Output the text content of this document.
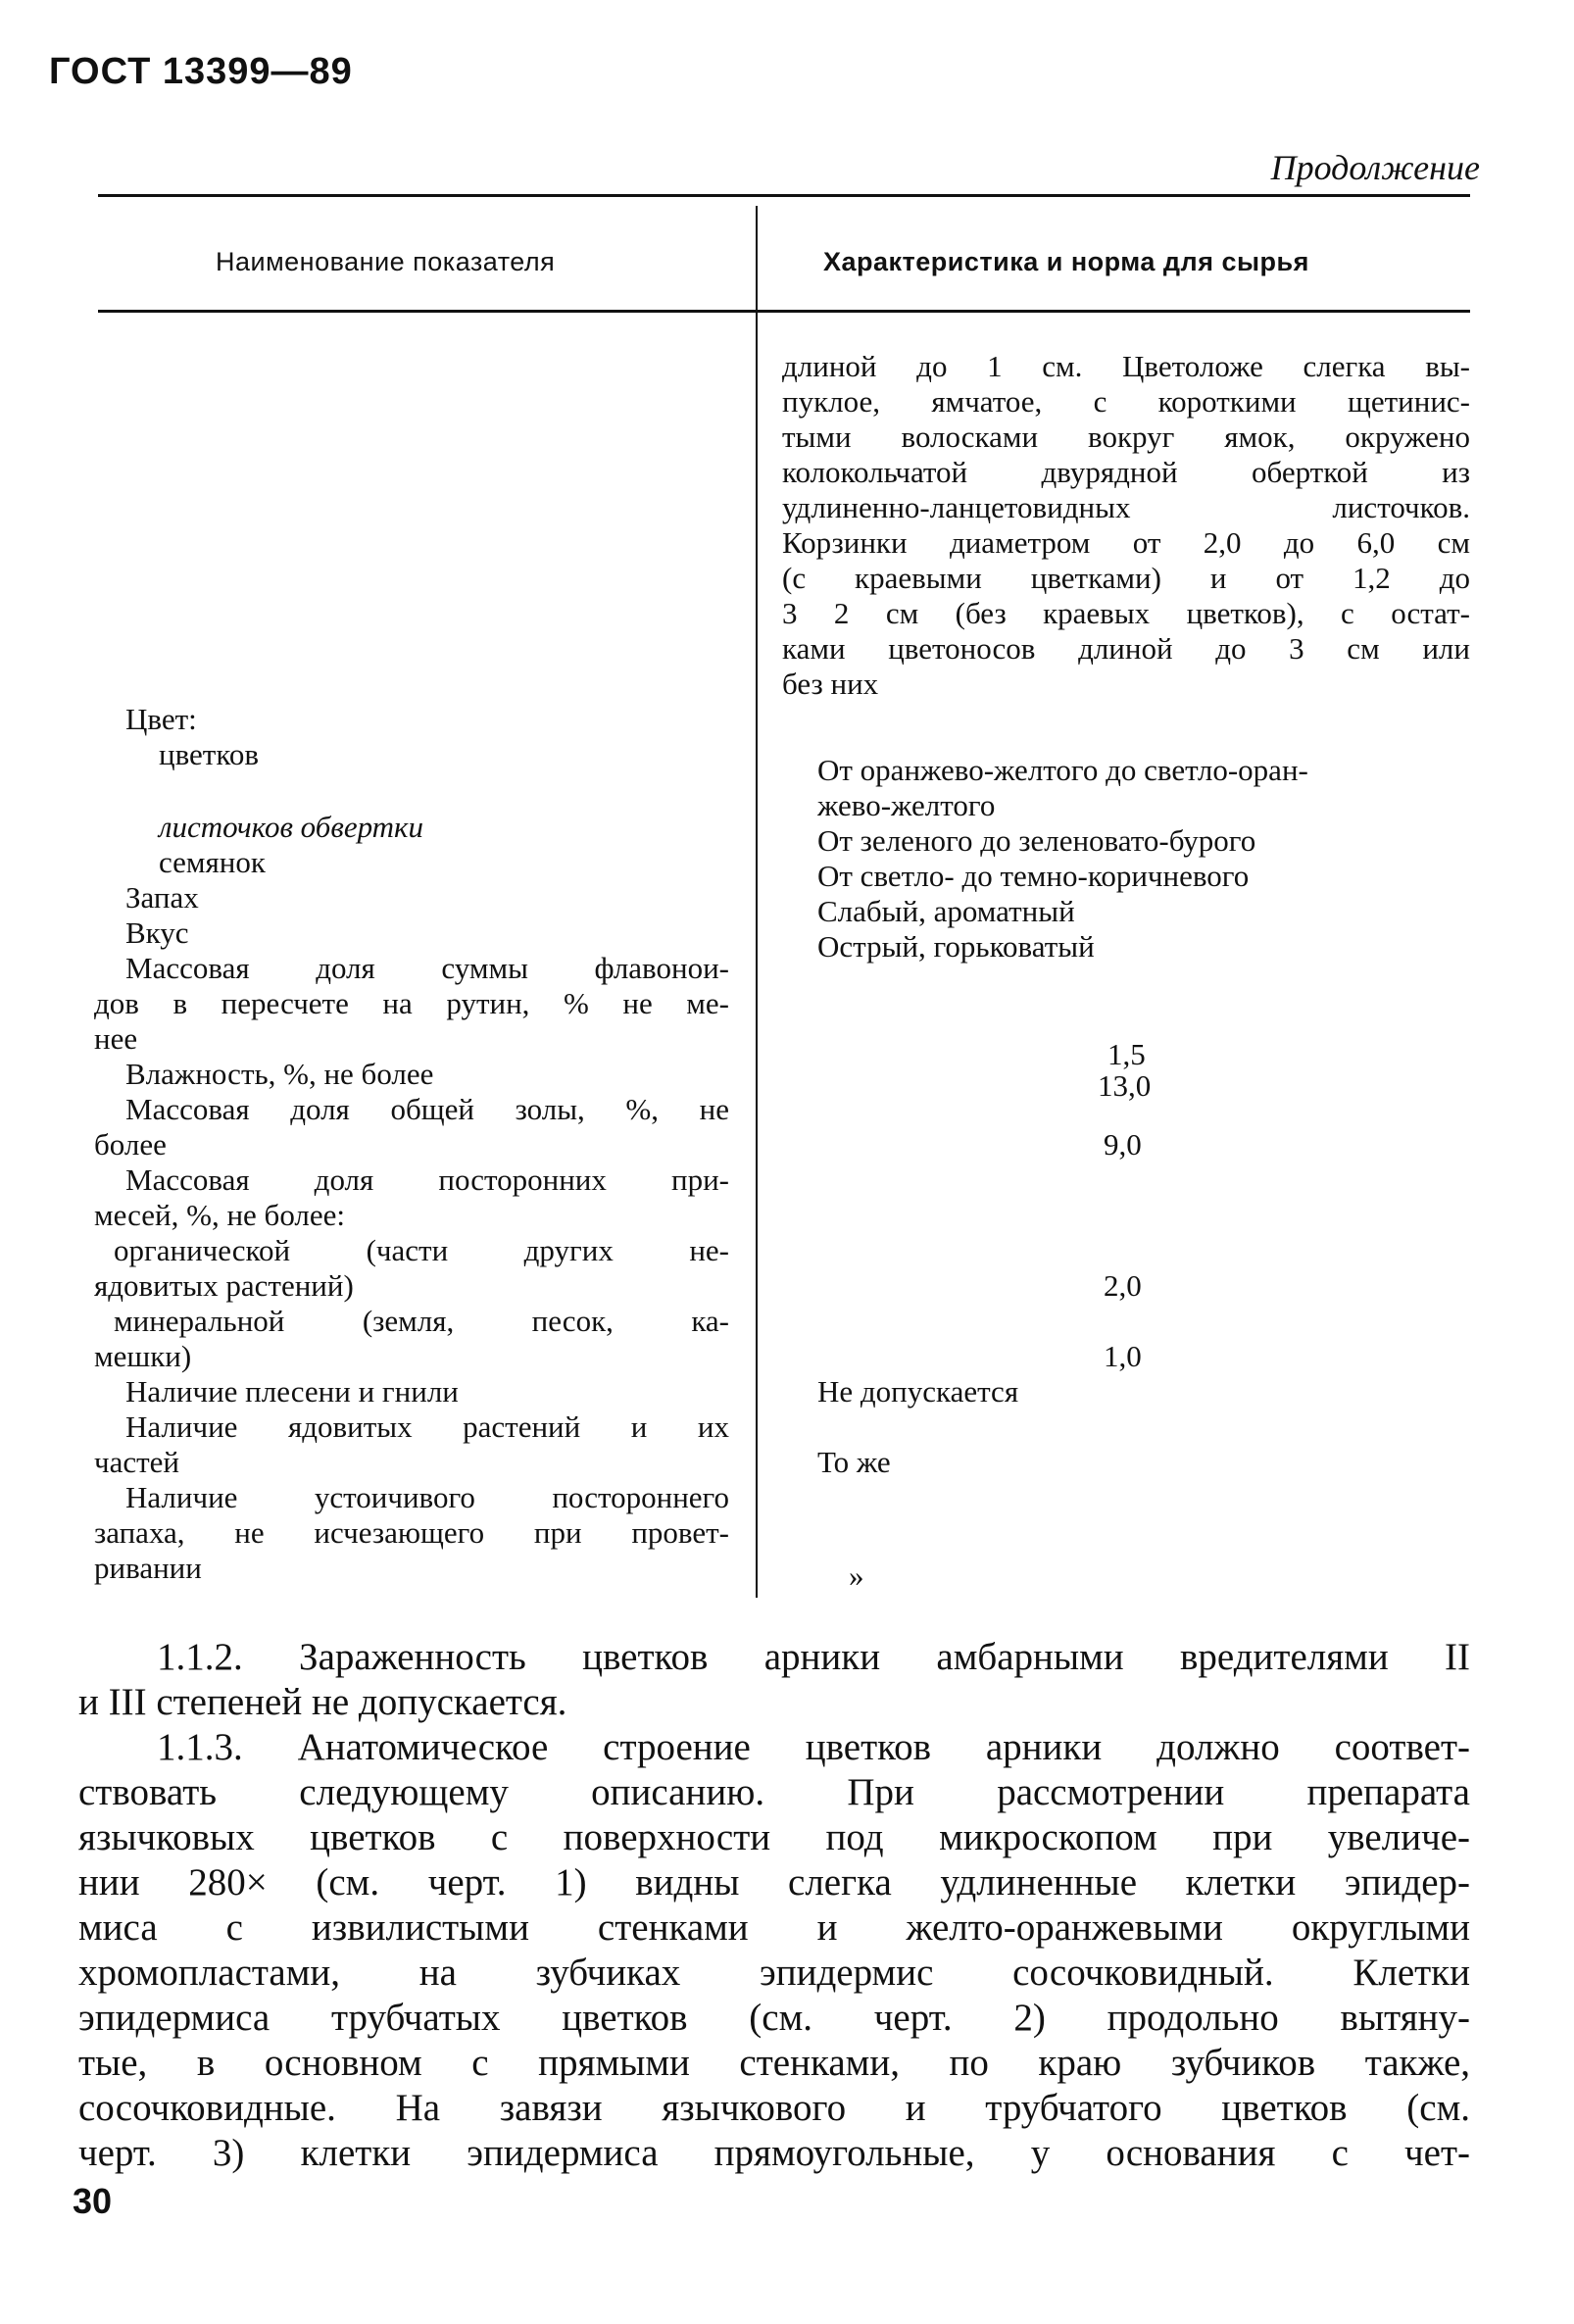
ГОСТ 13399—89
Продолжение
Наименование показателя	Характеристика и норма для сырья
длиной до 1 см. Цветоложе слегка вы-
пуклое, ямчатое, с короткими щетинис-
тыми волосками вокруг ямок, окружено
колокольчатой двурядной оберткой из
удлиненно-ланцетовидных листочков.
Корзинки диаметром от 2,0 до 6,0 см
(с краевыми цветками) и от 1,2 до
3 2 см (без краевых цветков), с остат-
ками цветоносов длиной до 3 см или
без них
Цвет:
цветков	От оранжево-желтого до светло-оран-
жево-желтого
листочков обвертки	От зеленого до зеленовато-бурого
семянок	От светло- до темно-коричневого
Запах	Слабый, ароматный
Вкус	Острый, горьковатый
Массовая доля суммы флавонои-
дов в пересчете на рутин, % не ме-
нее	1,5
Влажность, %, не более	13,0
Массовая доля общей золы, %, не
более	9,0
Массовая доля посторонних при-
месей, %, не более:
органической (части других не-
ядовитых растений)	2,0
минеральной (земля, песок, ка-
мешки)	1,0
Наличие плесени и гнили	Не допускается
Наличие ядовитых растений и их
частей	То же
Наличие устоичивого постороннего
запаха, не исчезающего при провет-
ривании	»
1.1.2. Зараженность цветков арники амбарными вредителями II
и III степеней не допускается.
1.1.3. Анатомическое строение цветков арники должно соответ-
ствовать следующему описанию. При рассмотрении препарата
язычковых цветков с поверхности под микроскопом при увеличе-
нии 280× (см. черт. 1) видны слегка удлиненные клетки эпидер-
миса с извилистыми стенками и желто-оранжевыми округлыми
хромопластами, на зубчиках эпидермис сосочковидный. Клетки
эпидермиса трубчатых цветков (см. черт. 2) продольно вытяну-
тые, в основном с прямыми стенками, по краю зубчиков также,
сосочковидные. На завязи язычкового и трубчатого цветков (см.
черт. 3) клетки эпидермиса прямоугольные, у основания с чет-
30
